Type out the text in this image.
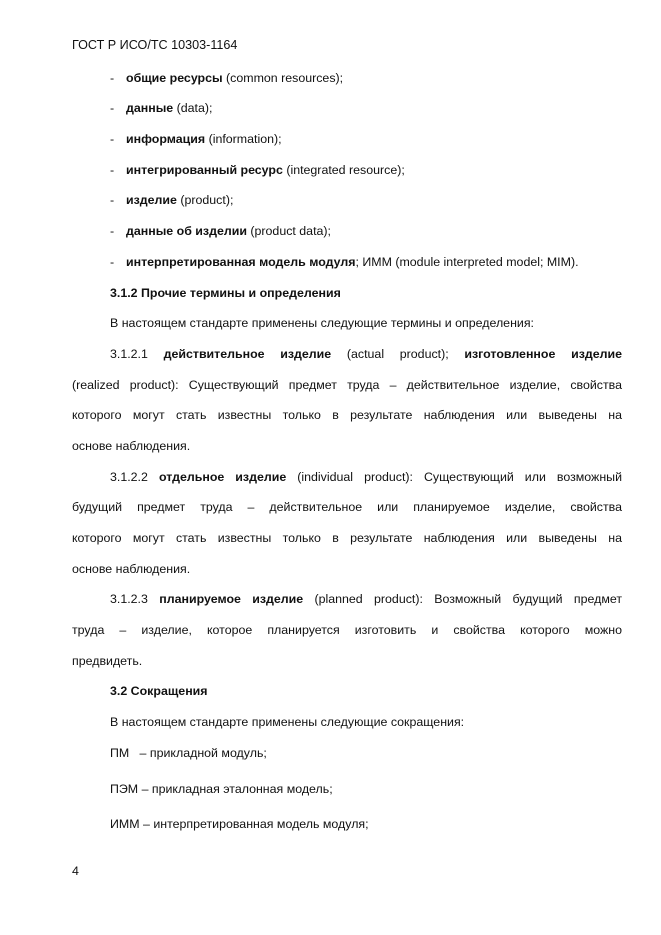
ГОСТ Р ИСО/ТС 10303-1164
- общие ресурсы (common resources);
- данные (data);
- информация (information);
- интегрированный ресурс (integrated resource);
- изделие (product);
- данные об изделии (product data);
- интерпретированная модель модуля; ИММ (module interpreted model; MIM).
3.1.2 Прочие термины и определения
В настоящем стандарте применены следующие термины и определения:
3.1.2.1 действительное изделие (actual product); изготовленное изделие
(realized product): Существующий предмет труда – действительное изделие, свойства
которого могут стать известны только в результате наблюдения или выведены на
основе наблюдения.
3.1.2.2 отдельное изделие (individual product): Существующий или возможный
будущий предмет труда – действительное или планируемое изделие, свойства
которого могут стать известны только в результате наблюдения или выведены на
основе наблюдения.
3.1.2.3 планируемое изделие (planned product): Возможный будущий предмет
труда – изделие, которое планируется изготовить и свойства которого можно
предвидеть.
3.2 Сокращения
В настоящем стандарте применены следующие сокращения:
ПМ   – прикладной модуль;
ПЭМ – прикладная эталонная модель;
ИММ – интерпретированная модель модуля;
4
